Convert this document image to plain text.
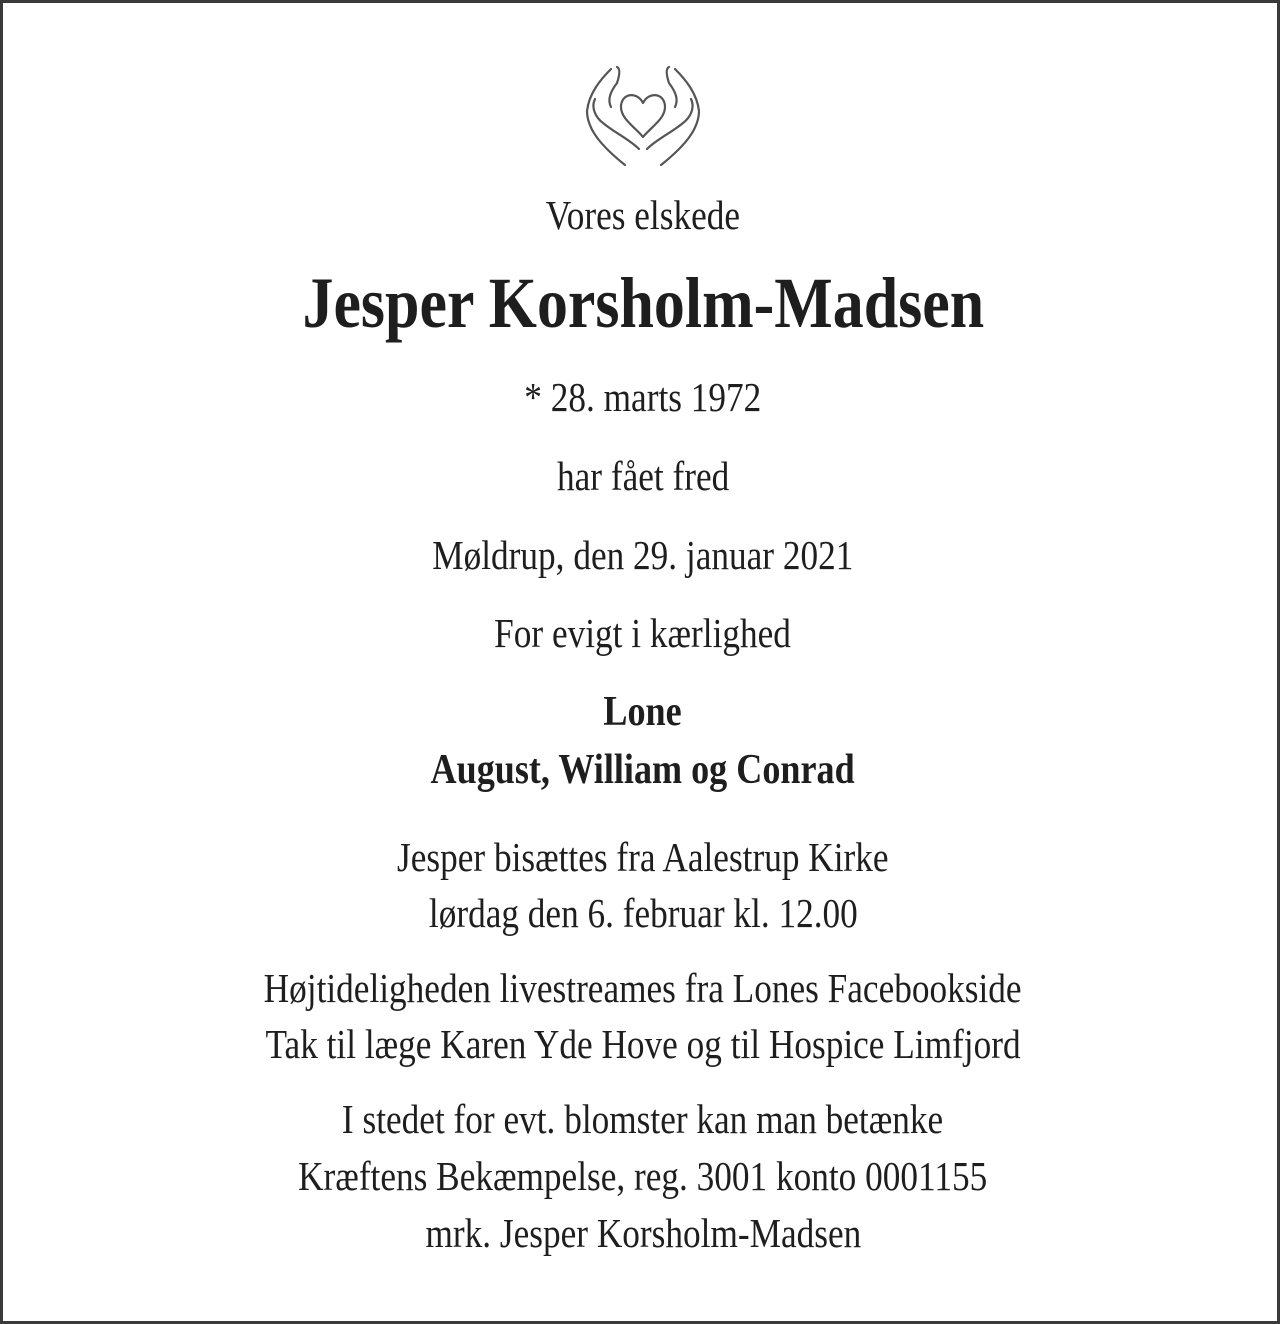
Vores elskede
Jesper Korsholm-Madsen
* 28. marts 1972
har fået fred
Møldrup, den 29. januar 2021
For evigt i kærlighed
Lone
August, William og Conrad
Jesper bisættes fra Aalestrup Kirke
lørdag den 6. februar kl. 12.00
Højtideligheden livestreames fra Lones Facebookside
Tak til læge Karen Yde Hove og til Hospice Limfjord
I stedet for evt. blomster kan man betænke
Kræftens Bekæmpelse, reg. 3001 konto 0001155
mrk. Jesper Korsholm-Madsen
